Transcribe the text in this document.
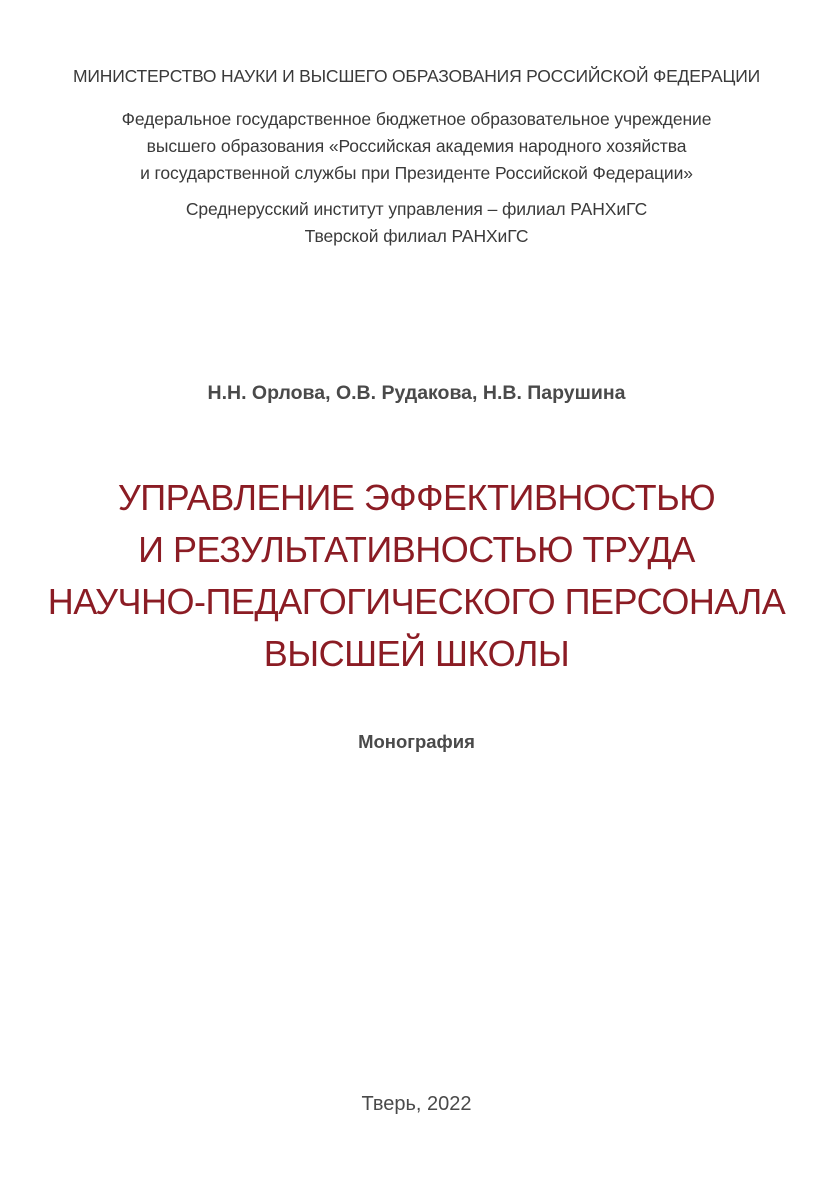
МИНИСТЕРСТВО НАУКИ И ВЫСШЕГО ОБРАЗОВАНИЯ РОССИЙСКОЙ ФЕДЕРАЦИИ
Федеральное государственное бюджетное образовательное учреждение
высшего образования «Российская академия народного хозяйства
и государственной службы при Президенте Российской Федерации»
Среднерусский институт управления – филиал РАНХиГС
Тверской филиал РАНХиГС
Н.Н. Орлова, О.В. Рудакова, Н.В. Парушина
УПРАВЛЕНИЕ ЭФФЕКТИВНОСТЬЮ
И РЕЗУЛЬТАТИВНОСТЬЮ ТРУДА
НАУЧНО-ПЕДАГОГИЧЕСКОГО ПЕРСОНАЛА
ВЫСШЕЙ ШКОЛЫ
Монография
Тверь, 2022
